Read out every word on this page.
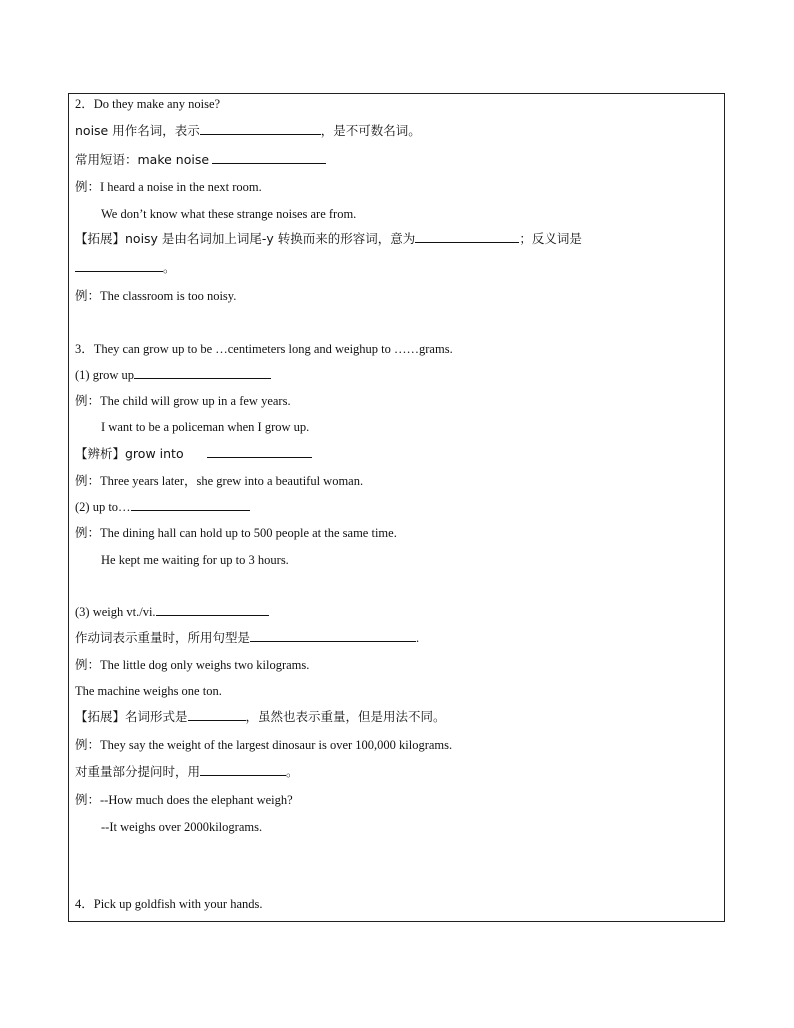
2．Do they make any noise?
noise 用作名词，表示	，是不可数名词。
常用短语：make noise
例：I heard a noise in the next room.
We don’t know what these strange noises are from.
【拓展】noisy 是由名词加上词尾-y 转换而来的形容词，意为	；反义词是
。
例：The classroom is too noisy.
3．They can grow up to be …centimeters long and weighup to ……grams.
(1) grow up
例：The child will grow up in a few years.
I want to be a policeman when I grow up.
【辨析】grow into
例：Three years later，she grew into a beautiful woman.
(2) up to…
例：The dining hall can hold up to 500 people at the same time.
He kept me waiting for up to 3 hours.
(3) weigh vt./vi.
作动词表示重量时，所用句型是	.
例：The little dog only weighs two kilograms.
The machine weighs one ton.
【拓展】名词形式是	，虽然也表示重量，但是用法不同。
例：They say the weight of the largest dinosaur is over 100,000 kilograms.
对重量部分提问时，用	。
例：--How much does the elephant weigh?
--It weighs over 2000kilograms.
4．Pick up goldfish with your hands.
